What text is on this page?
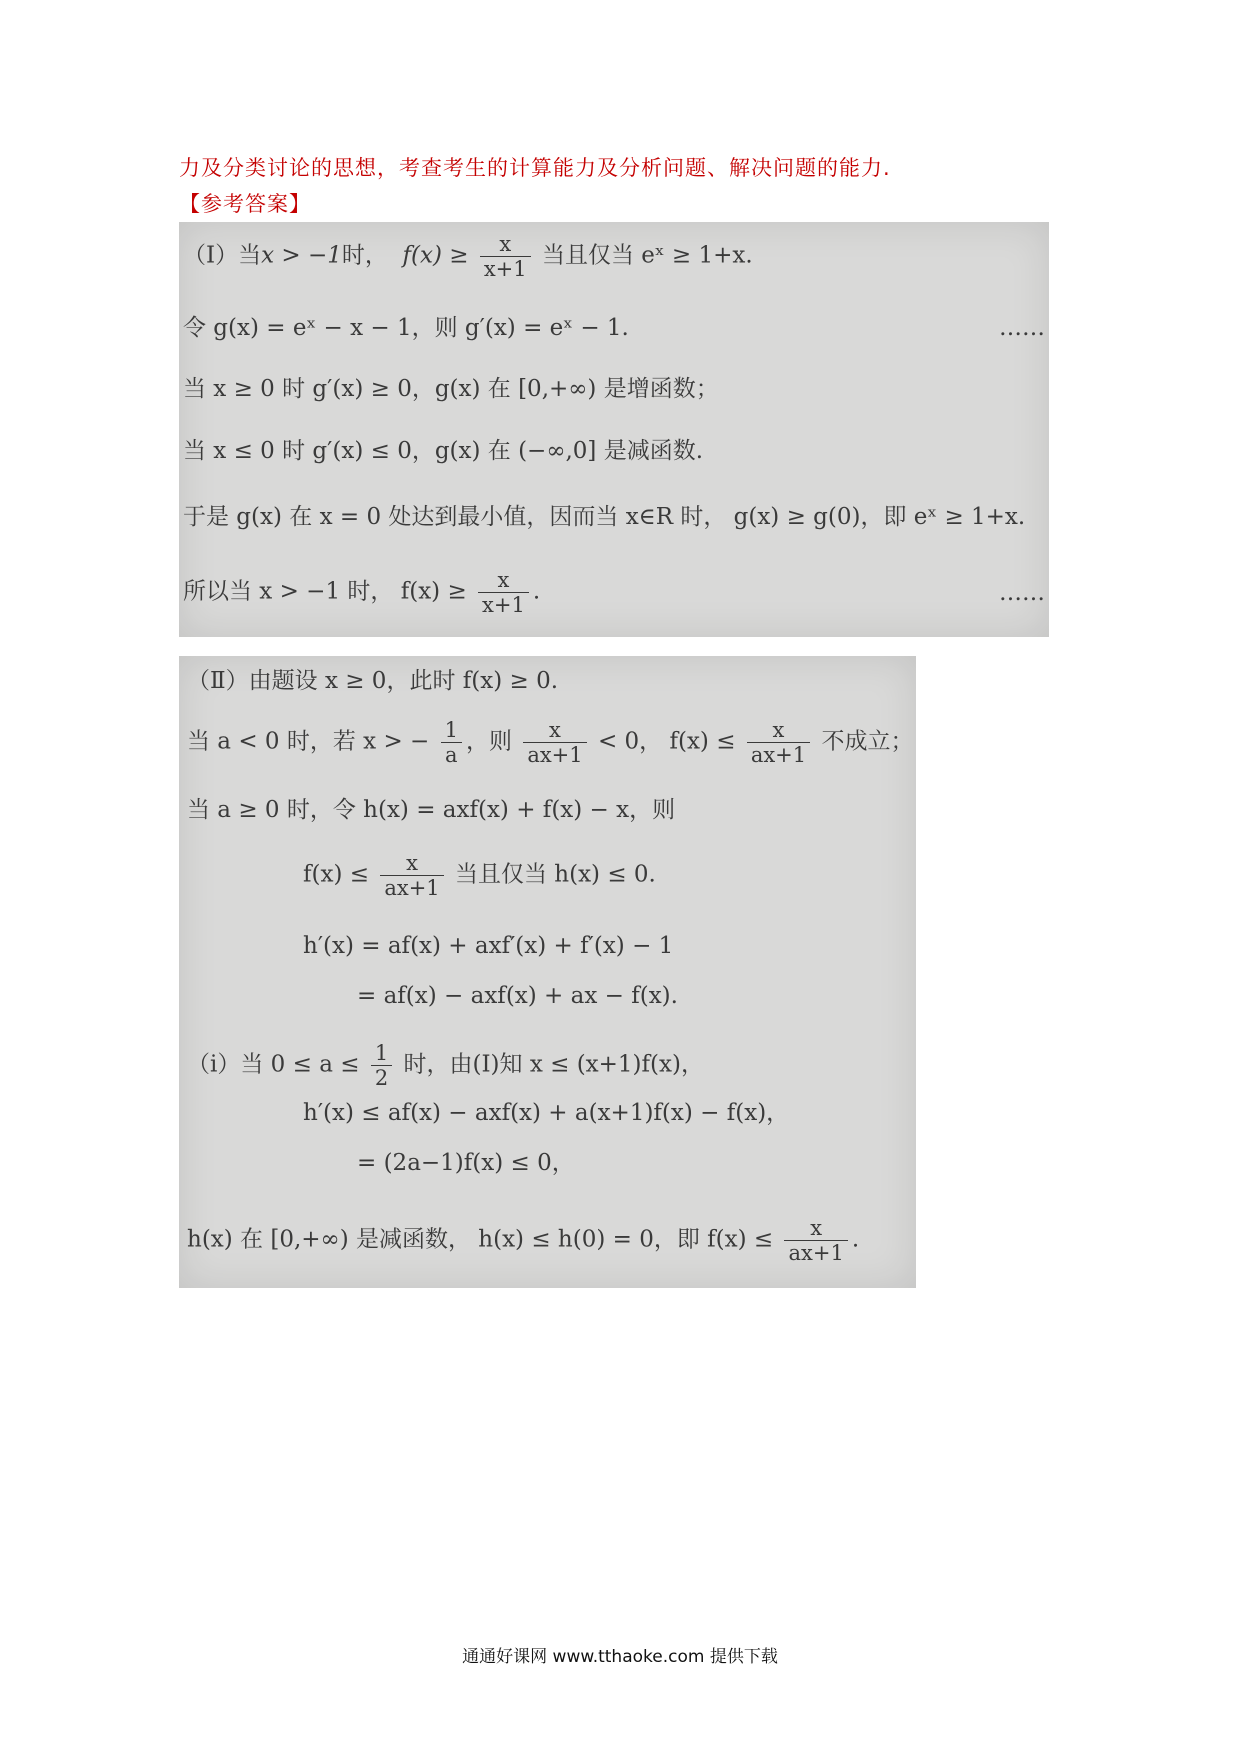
力及分类讨论的思想，考查考生的计算能力及分析问题、解决问题的能力.
【参考答案】
（Ⅰ）当x > −1时， $f(x) \ge \frac{x}{x+1}$ 当且仅当 eˣ ≥ 1+x.
令 g(x) = eˣ − x − 1，则 g′(x) = eˣ − 1.	……
当 x ≥ 0 时 g′(x) ≥ 0，g(x) 在 [0,+∞) 是增函数；
当 x ≤ 0 时 g′(x) ≤ 0，g(x) 在 (−∞,0] 是减函数.
于是 g(x) 在 x = 0 处达到最小值，因而当 x∈R 时， g(x) ≥ g(0)，即 eˣ ≥ 1+x.
所以当 x > −1 时， $f(x) \ge \frac{x}{x+1}$ .	……
（Ⅱ）由题设 x ≥ 0，此时 f(x) ≥ 0.
当 a < 0 时，若 x > − $\frac{1}{a}$ ，则 $\frac{x}{ax+1} < 0$， $f(x) \le \frac{x}{ax+1}$ 不成立；
当 a ≥ 0 时，令 h(x) = axf(x) + f(x) − x，则
$f(x) \le \frac{x}{ax+1}$ 当且仅当 h(x) ≤ 0.
h′(x) = af(x) + axf′(x) + f′(x) − 1
= af(x) − axf(x) + ax − f(x).
（ⅰ）当 $0 \le a \le \frac{1}{2}$ 时，由(Ⅰ)知 x ≤ (x+1)f(x)，
h′(x) ≤ af(x) − axf(x) + a(x+1)f(x) − f(x)，
= (2a−1)f(x) ≤ 0，
h(x) 在 [0,+∞) 是减函数， h(x) ≤ h(0) = 0，即 $f(x) \le \frac{x}{ax+1}$ .
通通好课网 www.tthaoke.com 提供下载
